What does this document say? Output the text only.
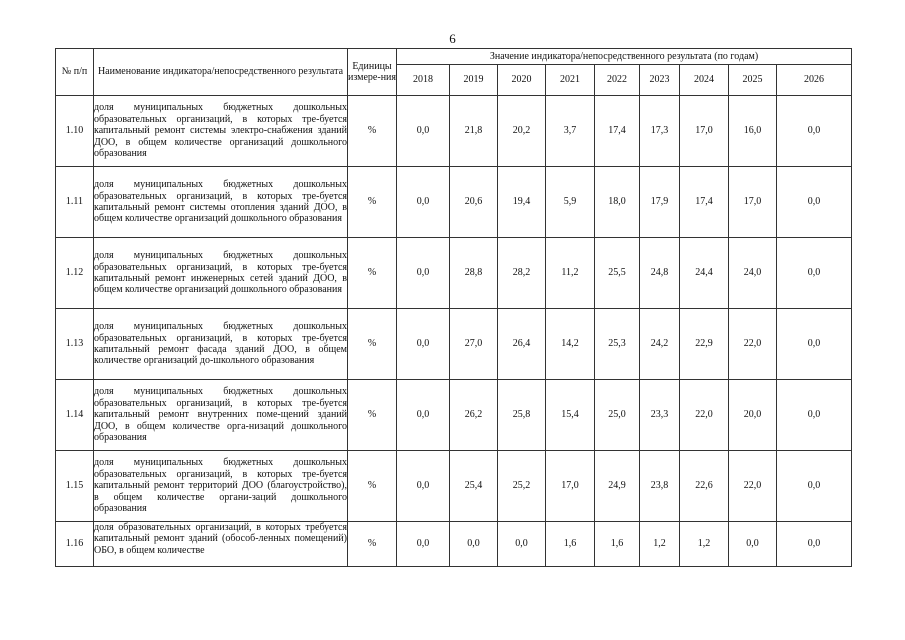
6
№ п/п	Наименование индикатора/непосредственного результата	Единицы измере-ния	Значение индикатора/непосредственного результата (по годам)								
			2018	2019	2020	2021	2022	2023	2024	2025	2026
1.10	доля муниципальных бюджетных дошкольных образовательных организаций, в которых тре-буется капитальный ремонт системы электро-снабжения зданий ДОО, в общем количестве организаций дошкольного образования	%	0,0	21,8	20,2	3,7	17,4	17,3	17,0	16,0	0,0
1.11	доля муниципальных бюджетных дошкольных образовательных организаций, в которых тре-буется капитальный ремонт системы отопления зданий ДОО, в общем количестве организаций дошкольного образования	%	0,0	20,6	19,4	5,9	18,0	17,9	17,4	17,0	0,0
1.12	доля муниципальных бюджетных дошкольных образовательных организаций, в которых тре-буется капитальный ремонт инженерных сетей зданий ДОО, в общем количестве организаций дошкольного образования	%	0,0	28,8	28,2	11,2	25,5	24,8	24,4	24,0	0,0
1.13	доля муниципальных бюджетных дошкольных образовательных организаций, в которых тре-буется капитальный ремонт фасада зданий ДОО, в общем количестве организаций до-школьного образования	%	0,0	27,0	26,4	14,2	25,3	24,2	22,9	22,0	0,0
1.14	доля муниципальных бюджетных дошкольных образовательных организаций, в которых тре-буется капитальный ремонт внутренних поме-щений зданий ДОО, в общем количестве орга-низаций дошкольного образования	%	0,0	26,2	25,8	15,4	25,0	23,3	22,0	20,0	0,0
1.15	доля муниципальных бюджетных дошкольных образовательных организаций, в которых тре-буется капитальный ремонт территорий ДОО (благоустройство), в общем количестве органи-заций дошкольного образования	%	0,0	25,4	25,2	17,0	24,9	23,8	22,6	22,0	0,0
1.16	доля образовательных организаций, в которых требуется капитальный ремонт зданий (обособ-ленных помещений) ОБО, в общем количестве	%	0,0	0,0	0,0	1,6	1,6	1,2	1,2	0,0	0,0
